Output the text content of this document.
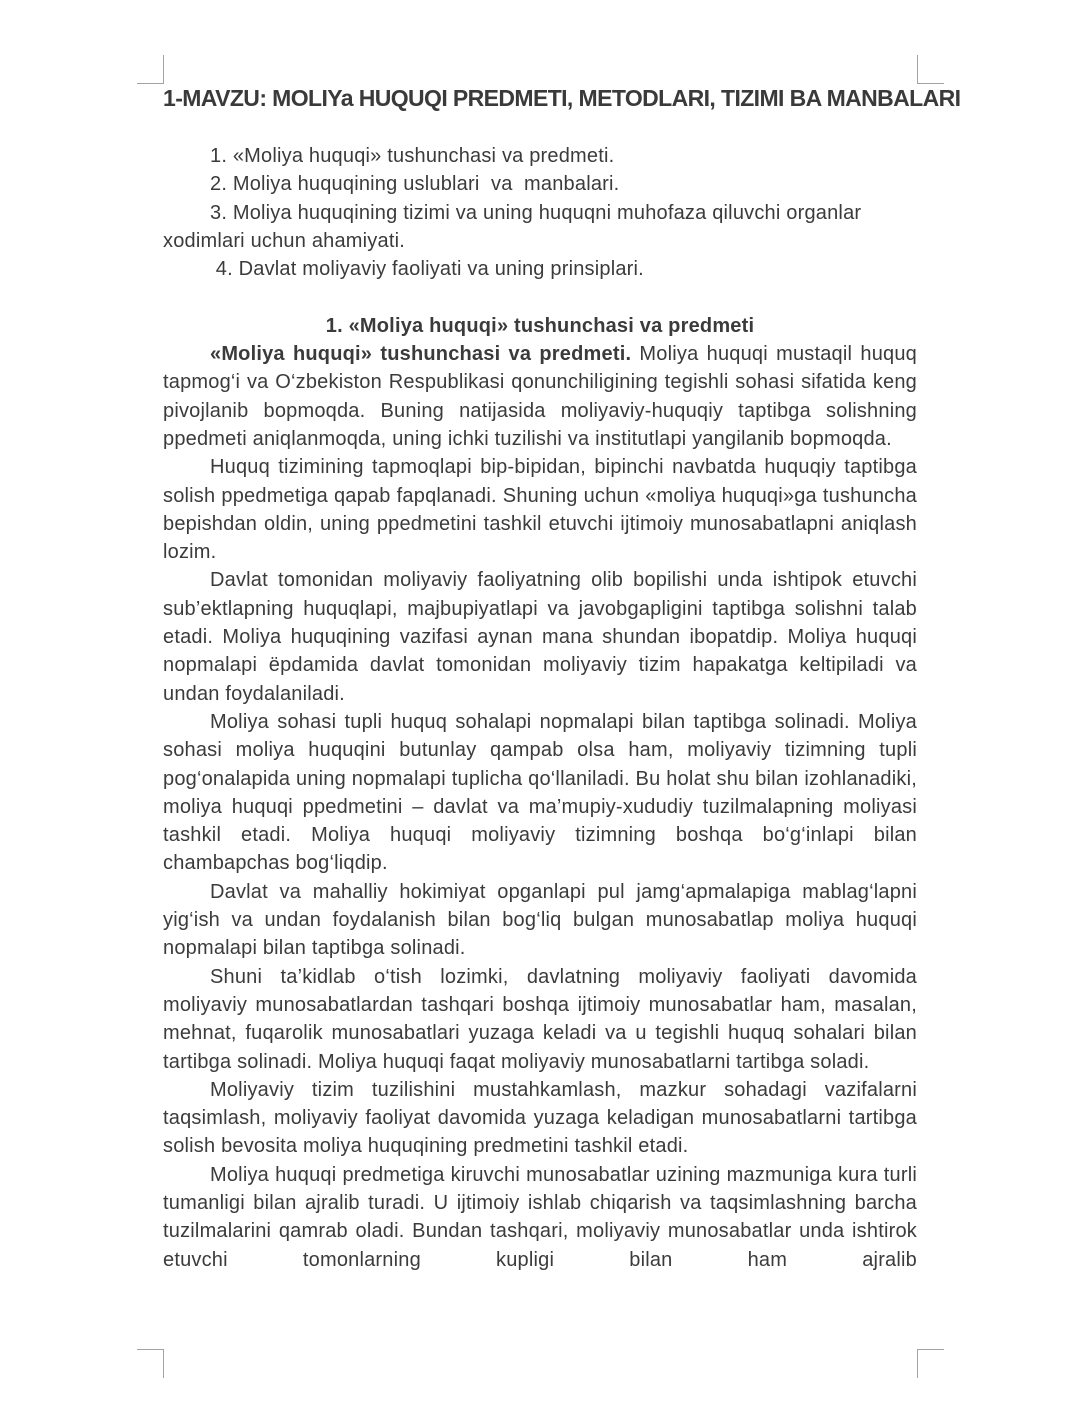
1-MAVZU: MOLIYa HUQUQI PREDMETI, METODLARI, TIZIMI BA MANBALARI

1. «Moliya huquqi» tushunchasi va predmeti.

2. Moliya huquqining uslublari  va  manbalari.

3. Moliya huquqining tizimi va uning huquqni muhofaza qiluvchi organlar xodimlari uchun ahamiyati.

4. Davlat moliyaviy faoliyati va uning prinsiplari.

1. «Moliya huquqi» tushunchasi va predmeti

«Moliya huquqi» tushunchasi va predmeti. Moliya huquqi mustaqil huquq tapmog‘i va O‘zbekiston Respublikasi qonunchiligining tegishli sohasi sifatida keng pivojlanib bopmoqda. Buning natijasida moliyaviy-huquqiy taptibga solishning ppedmeti aniqlanmoqda, uning ichki tuzilishi va institutlapi yangilanib bopmoqda.

Huquq tizimining tapmoqlapi bip-bipidan, bipinchi navbatda huquqiy taptibga solish ppedmetiga qapab fapqlanadi. Shuning uchun «moliya huquqi»ga tushuncha bepishdan oldin, uning ppedmetini tashkil etuvchi ijtimoiy munosabatlapni aniqlash lozim.

Davlat tomonidan moliyaviy faoliyatning olib bopilishi unda ishtipok etuvchi sub’ektlapning huquqlapi, majbupiyatlapi va javobgapligini taptibga solishni talab etadi. Moliya huquqining vazifasi aynan mana shundan ibopatdip. Moliya huquqi nopmalapi ëpdamida davlat tomonidan moliyaviy tizim hapakatga keltipiladi va undan foydalaniladi.

Moliya sohasi tupli huquq sohalapi nopmalapi bilan taptibga solinadi. Moliya sohasi moliya huquqini butunlay qampab olsa ham, moliyaviy tizimning tupli pog‘onalapida uning nopmalapi tuplicha qo‘llaniladi. Bu holat shu bilan izohlanadiki, moliya huquqi ppedmetini – davlat va ma’mupiy-xududiy tuzilmalapning moliyasi tashkil etadi. Moliya huquqi moliyaviy tizimning boshqa bo‘g‘inlapi bilan chambapchas bog‘liqdip.

Davlat va mahalliy hokimiyat opganlapi pul jamg‘apmalapiga mablag‘lapni yig‘ish va undan foydalanish bilan bog‘liq bulgan munosabatlap moliya huquqi nopmalapi bilan taptibga solinadi.

Shuni ta’kidlab o‘tish lozimki, davlatning moliyaviy faoliyati davomida moliyaviy munosabatlardan tashqari boshqa ijtimoiy munosabatlar ham, masalan, mehnat, fuqarolik munosabatlari yuzaga keladi va u tegishli huquq sohalari bilan tartibga solinadi. Moliya huquqi faqat moliyaviy munosabatlarni tartibga soladi.

Moliyaviy tizim tuzilishini mustahkamlash, mazkur sohadagi vazifalarni taqsimlash, moliyaviy faoliyat davomida yuzaga keladigan munosabatlarni tartibga solish bevosita moliya huquqining predmetini tashkil etadi.

Moliya huquqi predmetiga kiruvchi munosabatlar uzining mazmuniga kura turli tumanligi bilan ajralib turadi. U ijtimoiy ishlab chiqarish va taqsimlashning barcha tuzilmalarini qamrab oladi. Bundan tashqari, moliyaviy munosabatlar unda ishtirok etuvchi tomonlarning kupligi bilan ham ajralib
